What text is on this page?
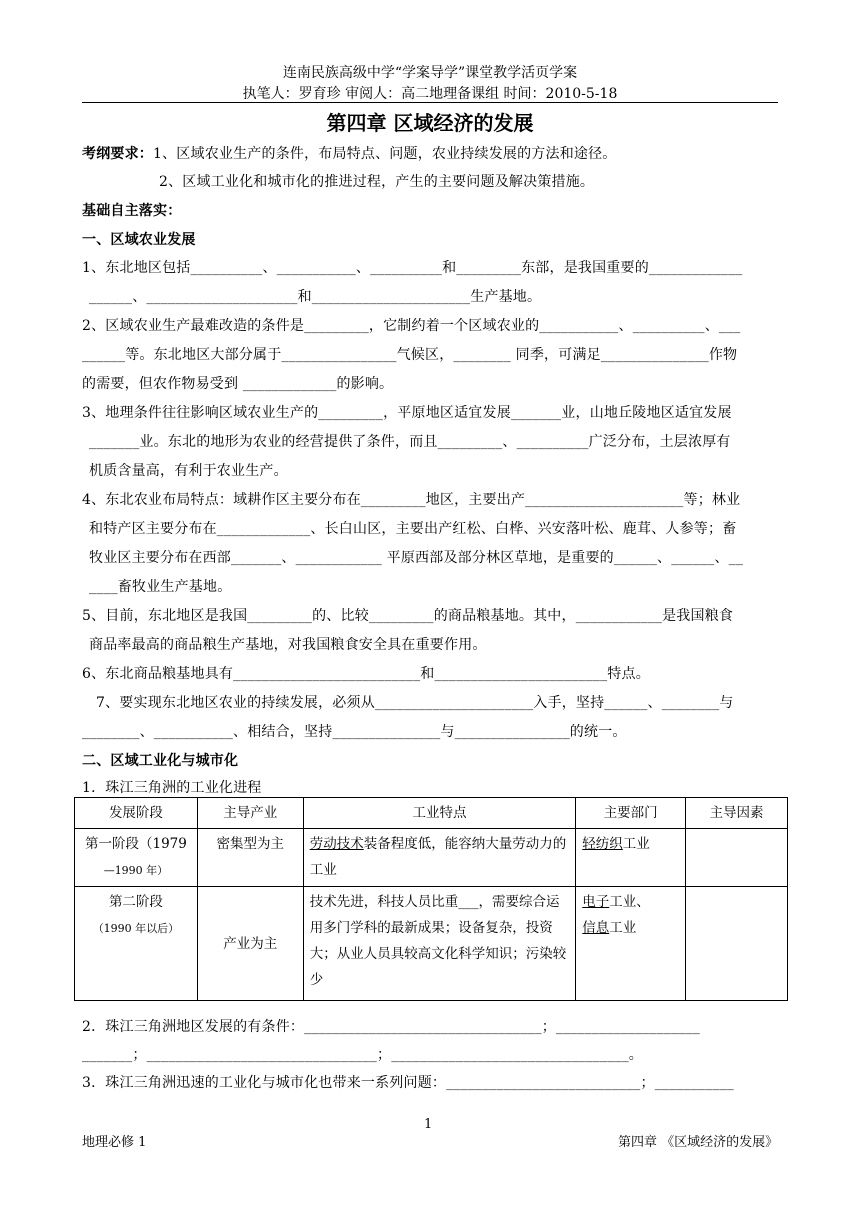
连南民族高级中学“学案导学”课堂教学活页学案
执笔人：罗育珍 审阅人：高二地理备课组 时间：2010-5-18
第四章 区域经济的发展
考纲要求：1、区域农业生产的条件，布局特点、问题，农业持续发展的方法和途径。
2、区域工业化和城市化的推进过程，产生的主要问题及解决策措施。
基础自主落实：
一、区域农业发展
1、东北地区包括__________、___________、__________和_________东部，是我国重要的_____________
______、_____________________和______________________生产基地。
2、区域农业生产最难改造的条件是_________，它制约着一个区域农业的___________、__________、___
______等。东北地区大部分属于________________气候区，________ 同季，可满足_______________作物
的需要，但农作物易受到 _____________的影响。
3、地理条件往往影响区域农业生产的_________，平原地区适宜发展_______业，山地丘陵地区适宜发展
_______业。东北的地形为农业的经营提供了条件，而且_________、__________广泛分布，土层浓厚有
机质含量高，有利于农业生产。
4、东北农业布局特点：域耕作区主要分布在_________地区，主要出产______________________等；林业
和特产区主要分布在_____________、长白山区，主要出产红松、白桦、兴安落叶松、鹿茸、人参等；畜
牧业区主要分布在西部_______、____________ 平原西部及部分林区草地，是重要的______、______、__
____畜牧业生产基地。
5、目前，东北地区是我国_________的、比较_________的商品粮基地。其中，____________是我国粮食
商品率最高的商品粮生产基地，对我国粮食安全具在重要作用。
6、东北商品粮基地具有__________________________和________________________特点。
7、要实现东北地区农业的持续发展，必须从______________________入手，坚持______、________与
________、___________、相结合，坚持_______________与________________的统一。
二、区域工业化与城市化
1．珠江三角洲的工业化进程
发展阶段	主导产业	工业特点	主要部门	主导因素
第一阶段（1979
—1990 年）	密集型为主	劳动技术装备程度低，能容纳大量劳动力的工业	轻纺织工业	
第二阶段
（1990 年以后）	产业为主	技术先进，科技人员比重___，需要综合运用多门学科的最新成果；设备复杂，投资大；从业人员具较高文化科学知识；污染较少	电子工业、
信息工业	
2．珠江三角洲地区发展的有条件：_________________________________；____________________
_______；________________________________；_________________________________。
3．珠江三角洲迅速的工业化与城市化也带来一系列问题：___________________________；___________
地理必修 1
1
第四章 《区域经济的发展》
